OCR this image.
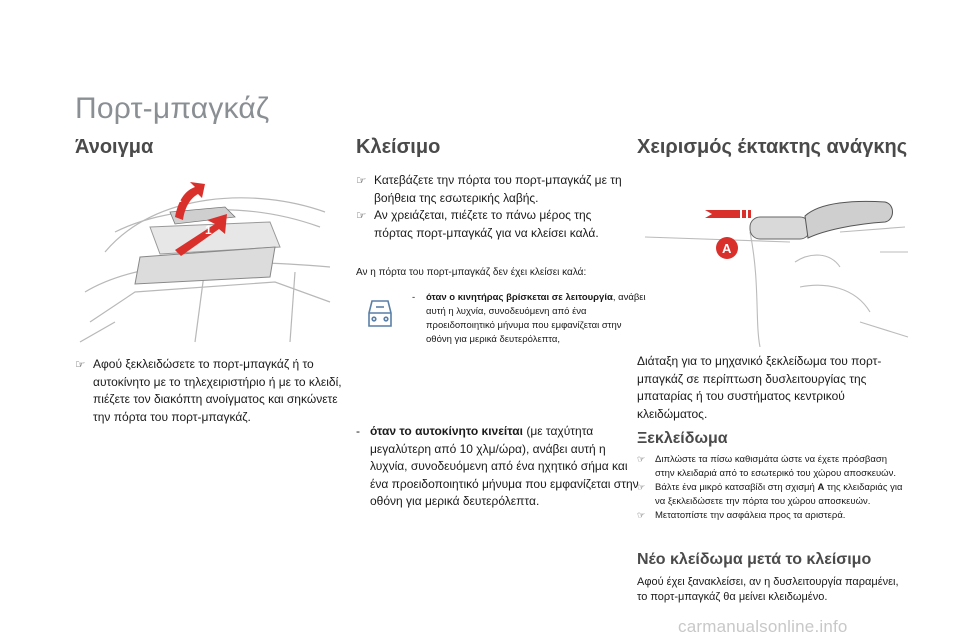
Πορτ-μπαγκάζ
Άνοιγμα
1
2
☞ Αφού ξεκλειδώσετε το πορτ-μπαγκάζ ή το αυτοκίνητο με το τηλεχειριστήριο ή με το κλειδί, πιέζετε τον διακόπτη ανοίγματος και σηκώνετε την πόρτα του πορτ-μπαγκάζ.
Κλείσιμο
☞ Κατεβάζετε την πόρτα του πορτ-μπαγκάζ με τη βοήθεια της εσωτερικής λαβής.
☞ Αν χρειάζεται, πιέζετε το πάνω μέρος της πόρτας πορτ-μπαγκάζ για να κλείσει καλά.
Αν η πόρτα του πορτ-μπαγκάζ δεν έχει κλείσει καλά:
- όταν ο κινητήρας βρίσκεται σε λειτουργία, ανάβει αυτή η λυχνία, συνοδευόμενη από ένα προειδοποιητικό μήνυμα που εμφανίζεται στην οθόνη για μερικά δευτερόλεπτα,
- όταν το αυτοκίνητο κινείται (με ταχύτητα μεγαλύτερη από 10 χλμ/ώρα), ανάβει αυτή η λυχνία, συνοδευόμενη από ένα ηχητικό σήμα και ένα προειδοποιητικό μήνυμα που εμφανίζεται στην οθόνη για μερικά δευτερόλεπτα.
Χειρισμός έκτακτης ανάγκης
A
Διάταξη για το μηχανικό ξεκλείδωμα του πορτ-μπαγκάζ σε περίπτωση δυσλειτουργίας της μπαταρίας ή του συστήματος κεντρικού κλειδώματος.
Ξεκλείδωμα
☞ Διπλώστε τα πίσω καθισμάτα ώστε να έχετε πρόσβαση στην κλειδαριά από το εσωτερικό του χώρου αποσκευών.
☞ Βάλτε ένα μικρό κατσαβίδι στη σχισμή A της κλειδαριάς για να ξεκλειδώσετε την πόρτα του χώρου αποσκευών.
☞ Μετατοπίστε την ασφάλεια προς τα αριστερά.
Νέο κλείδωμα μετά το κλείσιμο
Αφού έχει ξανακλείσει, αν η δυσλειτουργία παραμένει, το πορτ-μπαγκάζ θα μείνει κλειδωμένο.
carmanualsonline.info
